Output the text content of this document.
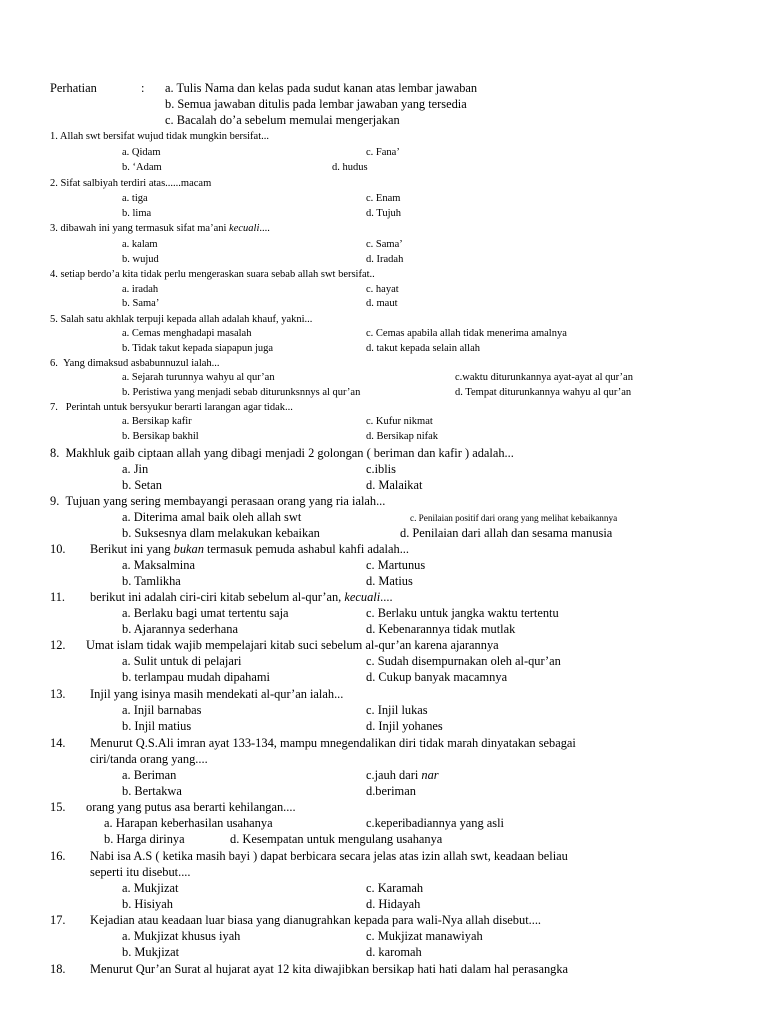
Perhatian	: a. Tulis Nama dan kelas pada sudut kanan atas lembar jawaban
b. Semua jawaban ditulis pada lembar jawaban yang tersedia
c. Bacalah do’a sebelum memulai mengerjakan
1. Allah swt bersifat wujud tidak mungkin bersifat...
a. Qidam
b. ‘Adam
c. Fana’
d. hudus
2. Sifat salbiyah terdiri atas......macam
a. tiga
b. lima
c. Enam
d. Tujuh
3. dibawah ini yang termasuk sifat ma’ani kecuali....
a. kalam
b. wujud
c. Sama’
d. Iradah
4. setiap berdo’a kita tidak perlu mengeraskan suara sebab allah swt bersifat..
a. iradah
b. Sama’
c. hayat
d. maut
5. Salah satu akhlak terpuji kepada allah adalah khauf, yakni...
a. Cemas menghadapi masalah
b. Tidak takut kepada siapapun juga
c. Cemas apabila allah tidak menerima amalnya
d. takut kepada selain allah
6. Yang dimaksud asbabunnuzul ialah...
a. Sejarah turunnya wahyu al qur’an
b. Peristiwa yang menjadi sebab diturunksnnys al qur’an
c.waktu diturunkannya ayat-ayat al qur’an
d. Tempat diturunkannya wahyu al qur’an
7. Perintah untuk bersyukur berarti larangan agar tidak...
a. Bersikap kafir
b. Bersikap bakhil
c. Kufur nikmat
d. Bersikap nifak
8. Makhluk gaib ciptaan allah yang dibagi menjadi 2 golongan ( beriman dan kafir ) adalah...
a. Jin
b. Setan
c.iblis
d. Malaikat
9. Tujuan yang sering membayangi perasaan orang yang ria ialah...
a. Diterima amal baik oleh allah swt
b. Suksesnya dlam melakukan kebaikan
c. Penilaian positif dari orang yang melihat kebaikannya
d. Penilaian dari allah dan sesama manusia
10. Berikut ini yang bukan termasuk pemuda ashabul kahfi adalah...
a. Maksalmina
b. Tamlikha
c. Martunus
d. Matius
11. berikut ini adalah ciri-ciri kitab sebelum al-qur’an, kecuali....
a. Berlaku bagi umat tertentu saja
b. Ajarannya sederhana
c. Berlaku untuk jangka waktu tertentu
d. Kebenarannya tidak mutlak
12. Umat islam tidak wajib mempelajari kitab suci sebelum al-qur’an karena ajarannya
a. Sulit untuk di pelajari
b. terlampau mudah dipahami
c. Sudah disempurnakan oleh al-qur’an
d. Cukup banyak macamnya
13. Injil yang isinya masih mendekati al-qur’an ialah...
a. Injil barnabas
b. Injil matius
c. Injil lukas
d. Injil yohanes
14. Menurut Q.S.Ali imran ayat 133-134, mampu mnegendalikan diri tidak marah dinyatakan sebagai
ciri/tanda orang yang....
a. Beriman
b. Bertakwa
c.jauh dari nar
d.beriman
15. orang yang putus asa berarti kehilangan....
a. Harapan keberhasilan usahanya
b. Harga dirinya
c.keperibadiannya yang asli
d. Kesempatan untuk mengulang usahanya
16. Nabi isa A.S ( ketika masih bayi ) dapat berbicara secara jelas atas izin allah swt, keadaan beliau
seperti itu disebut....
a. Mukjizat
b. Hisiyah
c. Karamah
d. Hidayah
17. Kejadian atau keadaan luar biasa yang dianugrahkan kepada para wali-Nya allah disebut....
a. Mukjizat khusus iyah
b. Mukjizat
c. Mukjizat manawiyah
d. karomah
18. Menurut Qur’an Surat al hujarat ayat 12 kita diwajibkan bersikap hati hati dalam hal perasangka
